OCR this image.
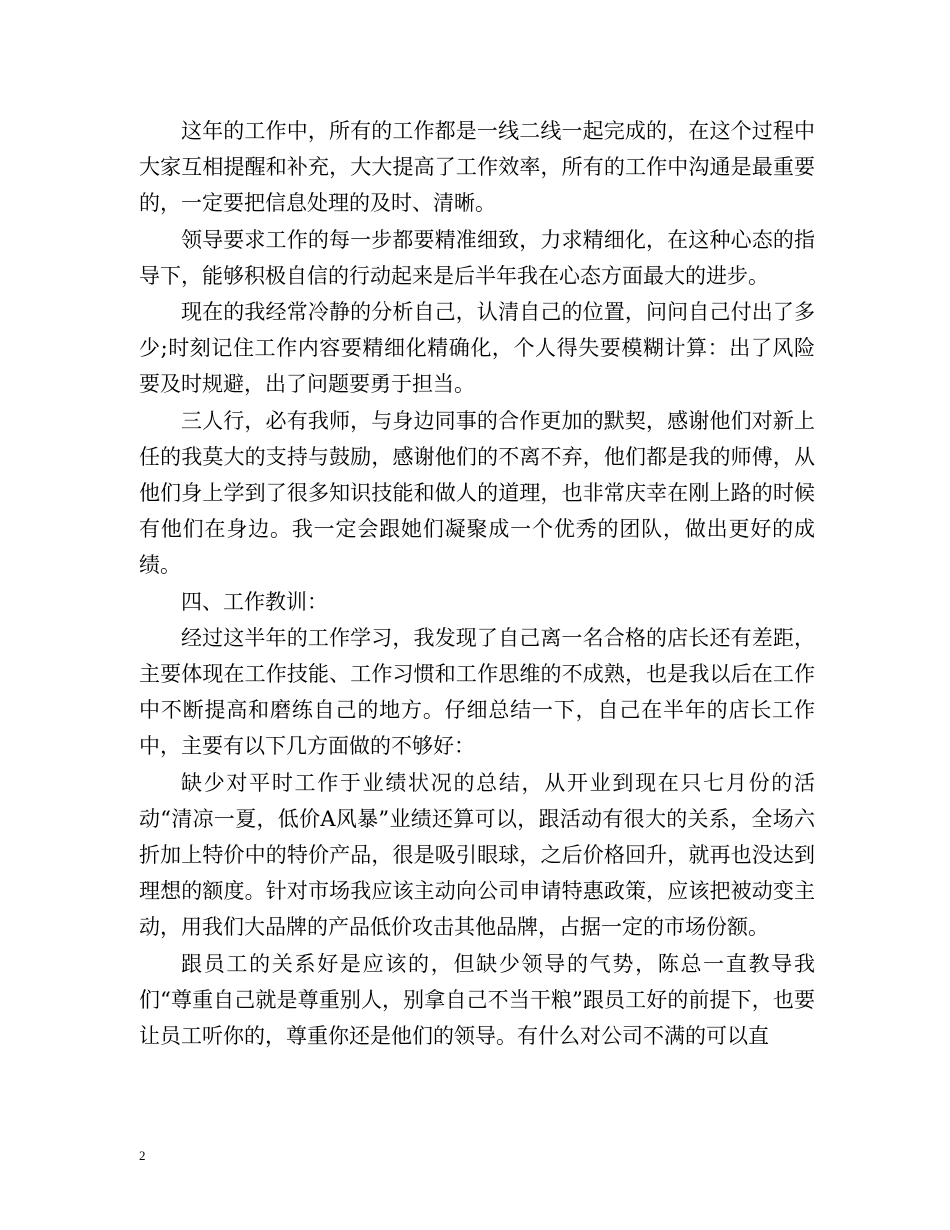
这年的工作中，所有的工作都是一线二线一起完成的，在这个过程中大家互相提醒和补充，大大提高了工作效率，所有的工作中沟通是最重要的，一定要把信息处理的及时、清晰。

领导要求工作的每一步都要精准细致，力求精细化，在这种心态的指导下，能够积极自信的行动起来是后半年我在心态方面最大的进步。

现在的我经常冷静的分析自己，认清自己的位置，问问自己付出了多少;时刻记住工作内容要精细化精确化，个人得失要模糊计算：出了风险要及时规避，出了问题要勇于担当。

三人行，必有我师，与身边同事的合作更加的默契，感谢他们对新上任的我莫大的支持与鼓励，感谢他们的不离不弃，他们都是我的师傅，从他们身上学到了很多知识技能和做人的道理，也非常庆幸在刚上路的时候有他们在身边。我一定会跟她们凝聚成一个优秀的团队，做出更好的成绩。

四、工作教训：

经过这半年的工作学习，我发现了自己离一名合格的店长还有差距，主要体现在工作技能、工作习惯和工作思维的不成熟，也是我以后在工作中不断提高和磨练自己的地方。仔细总结一下，自己在半年的店长工作中，主要有以下几方面做的不够好：

缺少对平时工作于业绩状况的总结，从开业到现在只七月份的活动“清凉一夏，低价A风暴”业绩还算可以，跟活动有很大的关系，全场六折加上特价中的特价产品，很是吸引眼球，之后价格回升，就再也没达到理想的额度。针对市场我应该主动向公司申请特惠政策，应该把被动变主动，用我们大品牌的产品低价攻击其他品牌，占据一定的市场份额。

跟员工的关系好是应该的，但缺少领导的气势，陈总一直教导我们“尊重自己就是尊重别人，别拿自己不当干粮”跟员工好的前提下，也要让员工听你的，尊重你还是他们的领导。有什么对公司不满的可以直

2
